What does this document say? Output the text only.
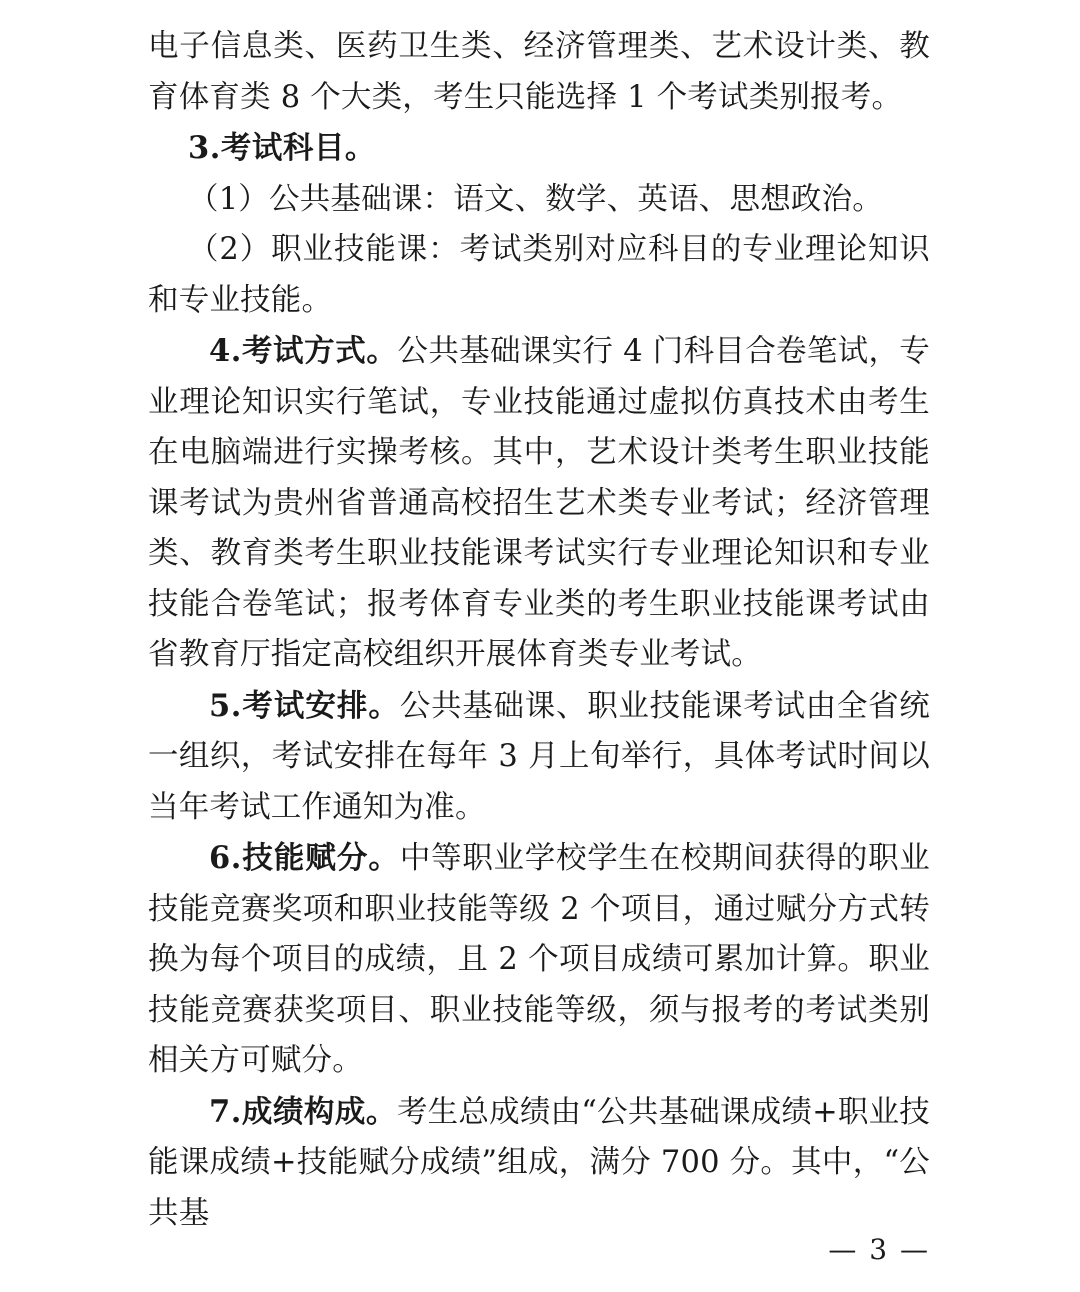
电子信息类、医药卫生类、经济管理类、艺术设计类、教育体育类 8 个大类，考生只能选择 1 个考试类别报考。

3.考试科目。

（1）公共基础课：语文、数学、英语、思想政治。

（2）职业技能课：考试类别对应科目的专业理论知识和专业技能。

4.考试方式。公共基础课实行 4 门科目合卷笔试，专业理论知识实行笔试，专业技能通过虚拟仿真技术由考生在电脑端进行实操考核。其中，艺术设计类考生职业技能课考试为贵州省普通高校招生艺术类专业考试；经济管理类、教育类考生职业技能课考试实行专业理论知识和专业技能合卷笔试；报考体育专业类的考生职业技能课考试由省教育厅指定高校组织开展体育类专业考试。

5.考试安排。公共基础课、职业技能课考试由全省统一组织，考试安排在每年 3 月上旬举行，具体考试时间以当年考试工作通知为准。

6.技能赋分。中等职业学校学生在校期间获得的职业技能竞赛奖项和职业技能等级 2 个项目，通过赋分方式转换为每个项目的成绩，且 2 个项目成绩可累加计算。职业技能竞赛获奖项目、职业技能等级，须与报考的考试类别相关方可赋分。

7.成绩构成。考生总成绩由“公共基础课成绩+职业技能课成绩+技能赋分成绩”组成，满分 700 分。其中，“公共基

— 3 —
